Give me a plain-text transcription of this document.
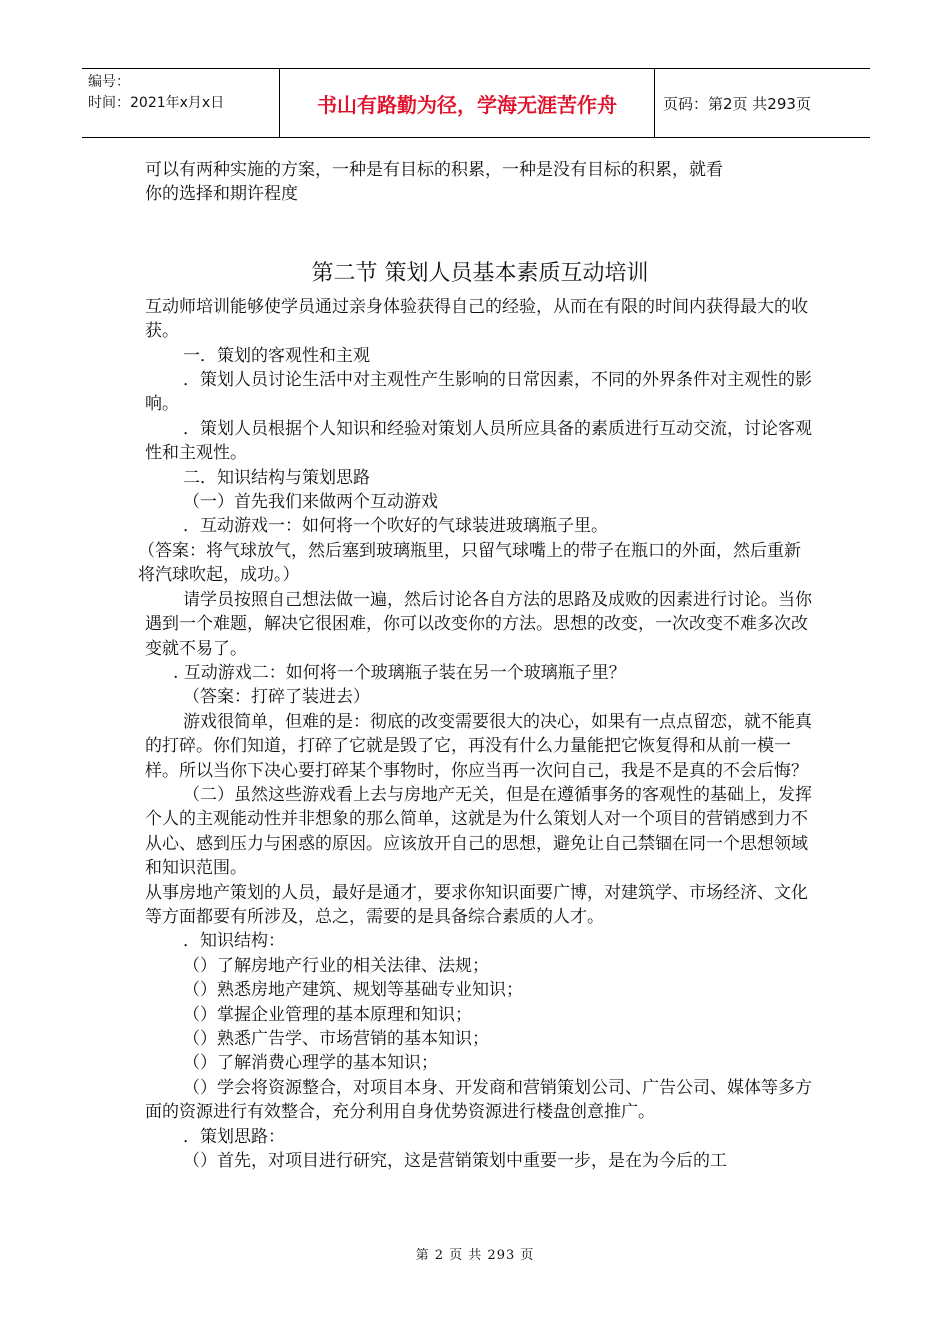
编号：
时间：2021年x月x日	书山有路勤为径，学海无涯苦作舟	页码：第2页 共293页

可以有两种实施的方案，一种是有目标的积累，一种是没有目标的积累，就看

你的选择和期许程度

第二节 策划人员基本素质互动培训

互动师培训能够使学员通过亲身体验获得自己的经验，从而在有限的时间内获得最大的收获。

一．策划的客观性和主观

．策划人员讨论生活中对主观性产生影响的日常因素，不同的外界条件对主观性的影响。

．策划人员根据个人知识和经验对策划人员所应具备的素质进行互动交流，讨论客观性和主观性。

二．知识结构与策划思路

（一）首先我们来做两个互动游戏

．互动游戏一：如何将一个吹好的气球装进玻璃瓶子里。

（答案：将气球放气，然后塞到玻璃瓶里，只留气球嘴上的带子在瓶口的外面，然后重新将汽球吹起，成功。）

请学员按照自己想法做一遍，然后讨论各自方法的思路及成败的因素进行讨论。当你遇到一个难题，解决它很困难，你可以改变你的方法。思想的改变，一次改变不难多次改变就不易了。

. 互动游戏二：如何将一个玻璃瓶子装在另一个玻璃瓶子里？

（答案：打碎了装进去）

游戏很简单，但难的是：彻底的改变需要很大的决心，如果有一点点留恋，就不能真的打碎。你们知道，打碎了它就是毁了它，再没有什么力量能把它恢复得和从前一模一样。所以当你下决心要打碎某个事物时，你应当再一次问自己，我是不是真的不会后悔？

（二）虽然这些游戏看上去与房地产无关，但是在遵循事务的客观性的基础上，发挥个人的主观能动性并非想象的那么简单，这就是为什么策划人对一个项目的营销感到力不从心、感到压力与困惑的原因。应该放开自己的思想，避免让自己禁锢在同一个思想领域和知识范围。

从事房地产策划的人员，最好是通才，要求你知识面要广博，对建筑学、市场经济、文化等方面都要有所涉及，总之，需要的是具备综合素质的人才。

．知识结构：

（）了解房地产行业的相关法律、法规；

（）熟悉房地产建筑、规划等基础专业知识；

（）掌握企业管理的基本原理和知识；

（）熟悉广告学、市场营销的基本知识；

（）了解消费心理学的基本知识；

（）学会将资源整合，对项目本身、开发商和营销策划公司、广告公司、媒体等多方面的资源进行有效整合，充分利用自身优势资源进行楼盘创意推广。

．策划思路：

（）首先，对项目进行研究，这是营销策划中重要一步，是在为今后的工

第 2 页 共 293 页
